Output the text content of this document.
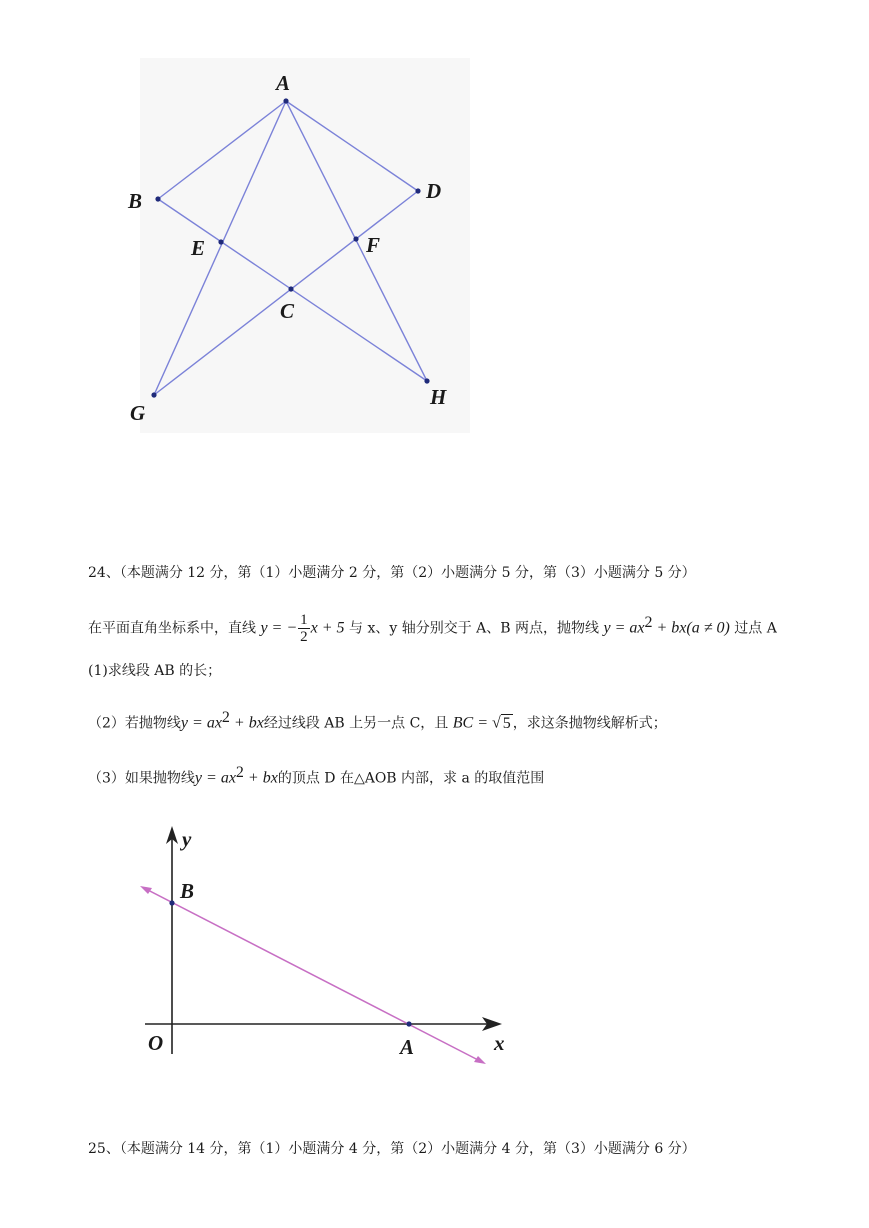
A
B	D
E	F
C
G
H
24、（本题满分 12 分，第（1）小题满分 2 分，第（2）小题满分 5 分，第（3）小题满分 5 分）
在平面直角坐标系中，直线 y = − $\frac{1}{2}$ x + 5 与 x、y 轴分别交于 A、B 两点，抛物线 $y = ax^2 + bx(a \ne 0)$ 过点 A
(1)求线段 AB 的长；
（2）若抛物线$y = ax^2$ + bx经过线段 AB 上另一点 C，且 BC = √ 5 ，求这条抛物线解析式；
（3）如果抛物线$y = ax^2$ + bx的顶点 D 在△AOB 内部，求 a 的取值范围
y
B
O	A	x
25、（本题满分 14 分，第（1）小题满分 4 分，第（2）小题满分 4 分，第（3）小题满分 6 分）
